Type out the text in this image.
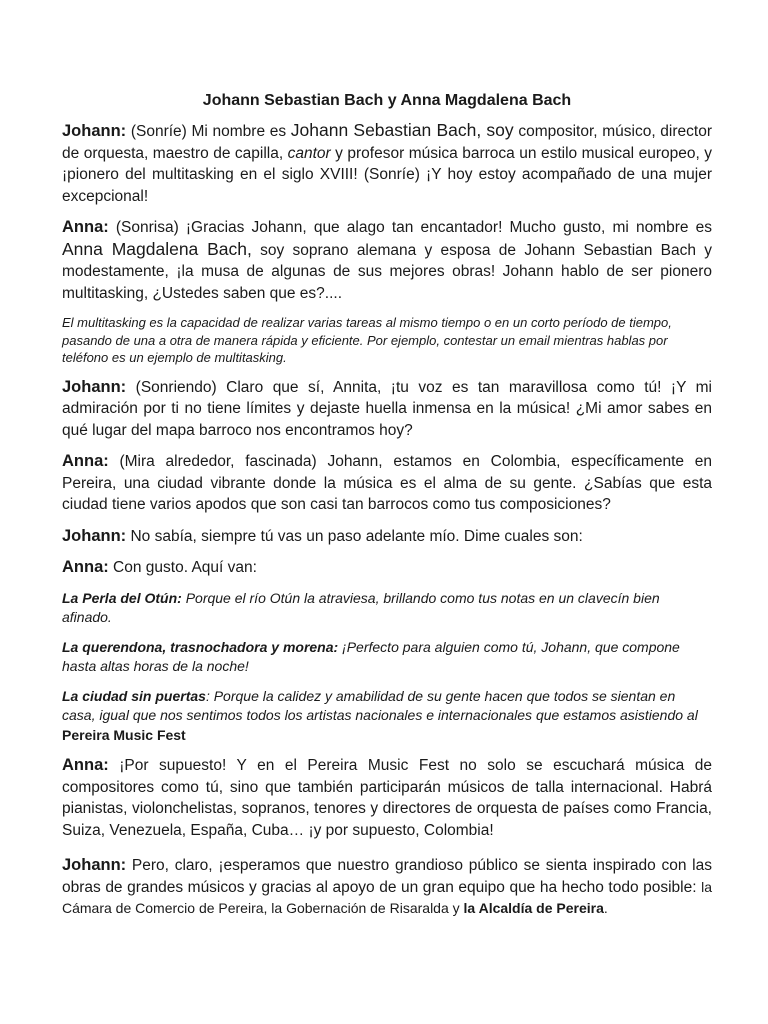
Johann Sebastian Bach y Anna Magdalena Bach

Johann: (Sonríe) Mi nombre es Johann Sebastian Bach, soy compositor, músico, director de orquesta, maestro de capilla, cantor y profesor música barroca un estilo musical europeo, y ¡pionero del multitasking en el siglo XVIII! (Sonríe) ¡Y hoy estoy acompañado de una mujer excepcional!

Anna: (Sonrisa) ¡Gracias Johann, que alago tan encantador! Mucho gusto, mi nombre es Anna Magdalena Bach, soy soprano alemana y esposa de Johann Sebastian Bach y modestamente, ¡la musa de algunas de sus mejores obras! Johann hablo de ser pionero multitasking, ¿Ustedes saben que es?....

El multitasking es la capacidad de realizar varias tareas al mismo tiempo o en un corto período de tiempo, pasando de una a otra de manera rápida y eficiente. Por ejemplo, contestar un email mientras hablas por teléfono es un ejemplo de multitasking.

Johann: (Sonriendo) Claro que sí, Annita, ¡tu voz es tan maravillosa como tú! ¡Y mi admiración por ti no tiene límites y dejaste huella inmensa en la música! ¿Mi amor sabes en qué lugar del mapa barroco nos encontramos hoy?

Anna: (Mira alrededor, fascinada) Johann, estamos en Colombia, específicamente en Pereira, una ciudad vibrante donde la música es el alma de su gente. ¿Sabías que esta ciudad tiene varios apodos que son casi tan barrocos como tus composiciones?

Johann: No sabía, siempre tú vas un paso adelante mío. Dime cuales son:

Anna: Con gusto. Aquí van:

La Perla del Otún: Porque el río Otún la atraviesa, brillando como tus notas en un clavecín bien afinado.

La querendona, trasnochadora y morena: ¡Perfecto para alguien como tú, Johann, que compone hasta altas horas de la noche!

La ciudad sin puertas: Porque la calidez y amabilidad de su gente hacen que todos se sientan en casa, igual que nos sentimos todos los artistas nacionales e internacionales que estamos asistiendo al Pereira Music Fest

Anna: ¡Por supuesto! Y en el Pereira Music Fest no solo se escuchará música de compositores como tú, sino que también participarán músicos de talla internacional. Habrá pianistas, violonchelistas, sopranos, tenores y directores de orquesta de países como Francia, Suiza, Venezuela, España, Cuba… ¡y por supuesto, Colombia!

Johann: Pero, claro, ¡esperamos que nuestro grandioso público se sienta inspirado con las obras de grandes músicos y gracias al apoyo de un gran equipo que ha hecho todo posible: la Cámara de Comercio de Pereira, la Gobernación de Risaralda y la Alcaldía de Pereira.
